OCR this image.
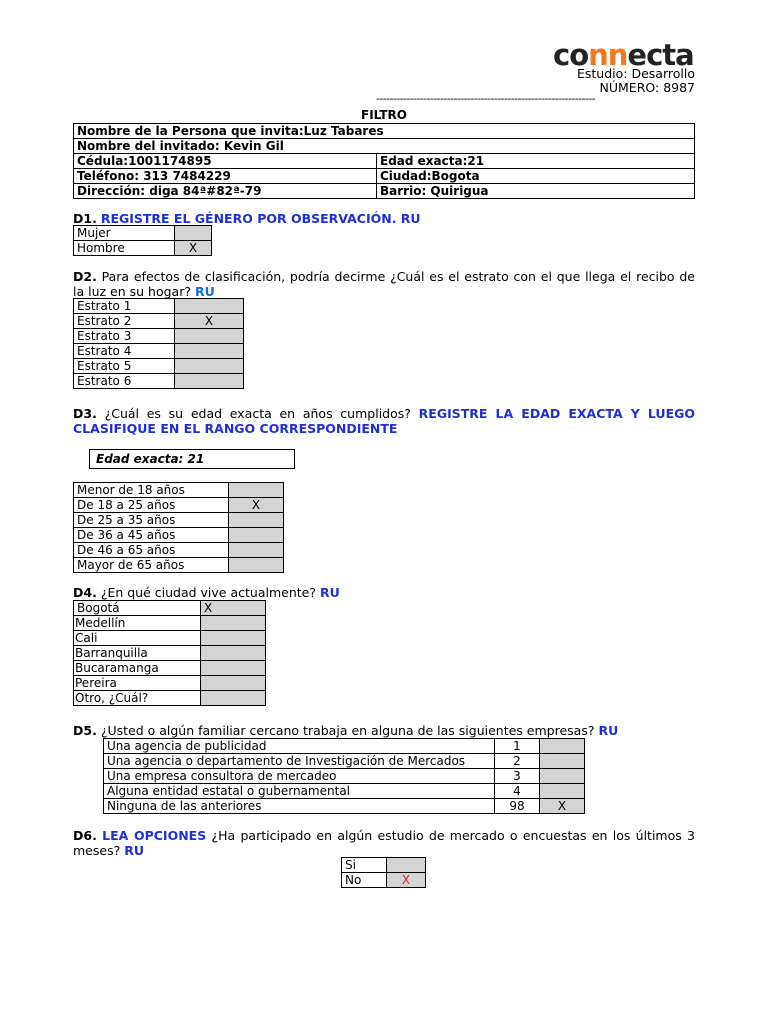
connecta
Estudio: Desarrollo
NÚMERO: 8987
-----------------------------------------------------------------
FILTRO
Nombre de la Persona que invita:Luz Tabares	
Nombre del invitado: Kevin Gil	
Cédula:1001174895	Edad exacta:21
Teléfono: 313 7484229	Ciudad:Bogota
Dirección: diga 84ª#82ª-79	Barrio: Quirigua
D1. REGISTRE EL GÉNERO POR OBSERVACIÓN. RU
Mujer	
Hombre	X
D2. Para efectos de clasificación, podría decirme ¿Cuál es el estrato con el que llega el recibo de la luz en su hogar? RU
Estrato 1	
Estrato 2	X
Estrato 3	
Estrato 4	
Estrato 5	
Estrato 6	
D3. ¿Cuál es su edad exacta en años cumplidos? REGISTRE LA EDAD EXACTA Y LUEGO CLASIFIQUE EN EL RANGO CORRESPONDIENTE
Edad exacta: 21
Menor de 18 años	
De 18 a 25 años	X
De 25 a 35 años	
De 36 a 45 años	
De 46 a 65 años	
Mayor de 65 años	
D4. ¿En qué ciudad vive actualmente? RU
Bogotá	X
Medellín	
Cali	
Barranquilla	
Bucaramanga	
Pereira	
Otro, ¿Cuál?	
D5. ¿Usted o algún familiar cercano trabaja en alguna de las siguientes empresas? RU
Una agencia de publicidad	1	
Una agencia o departamento de Investigación de Mercados	2	
Una empresa consultora de mercadeo	3	
Alguna entidad estatal o gubernamental	4	
Ninguna de las anteriores	98	X
D6. LEA OPCIONES ¿Ha participado en algún estudio de mercado o encuestas en los últimos 3 meses? RU
Si	
No	X
